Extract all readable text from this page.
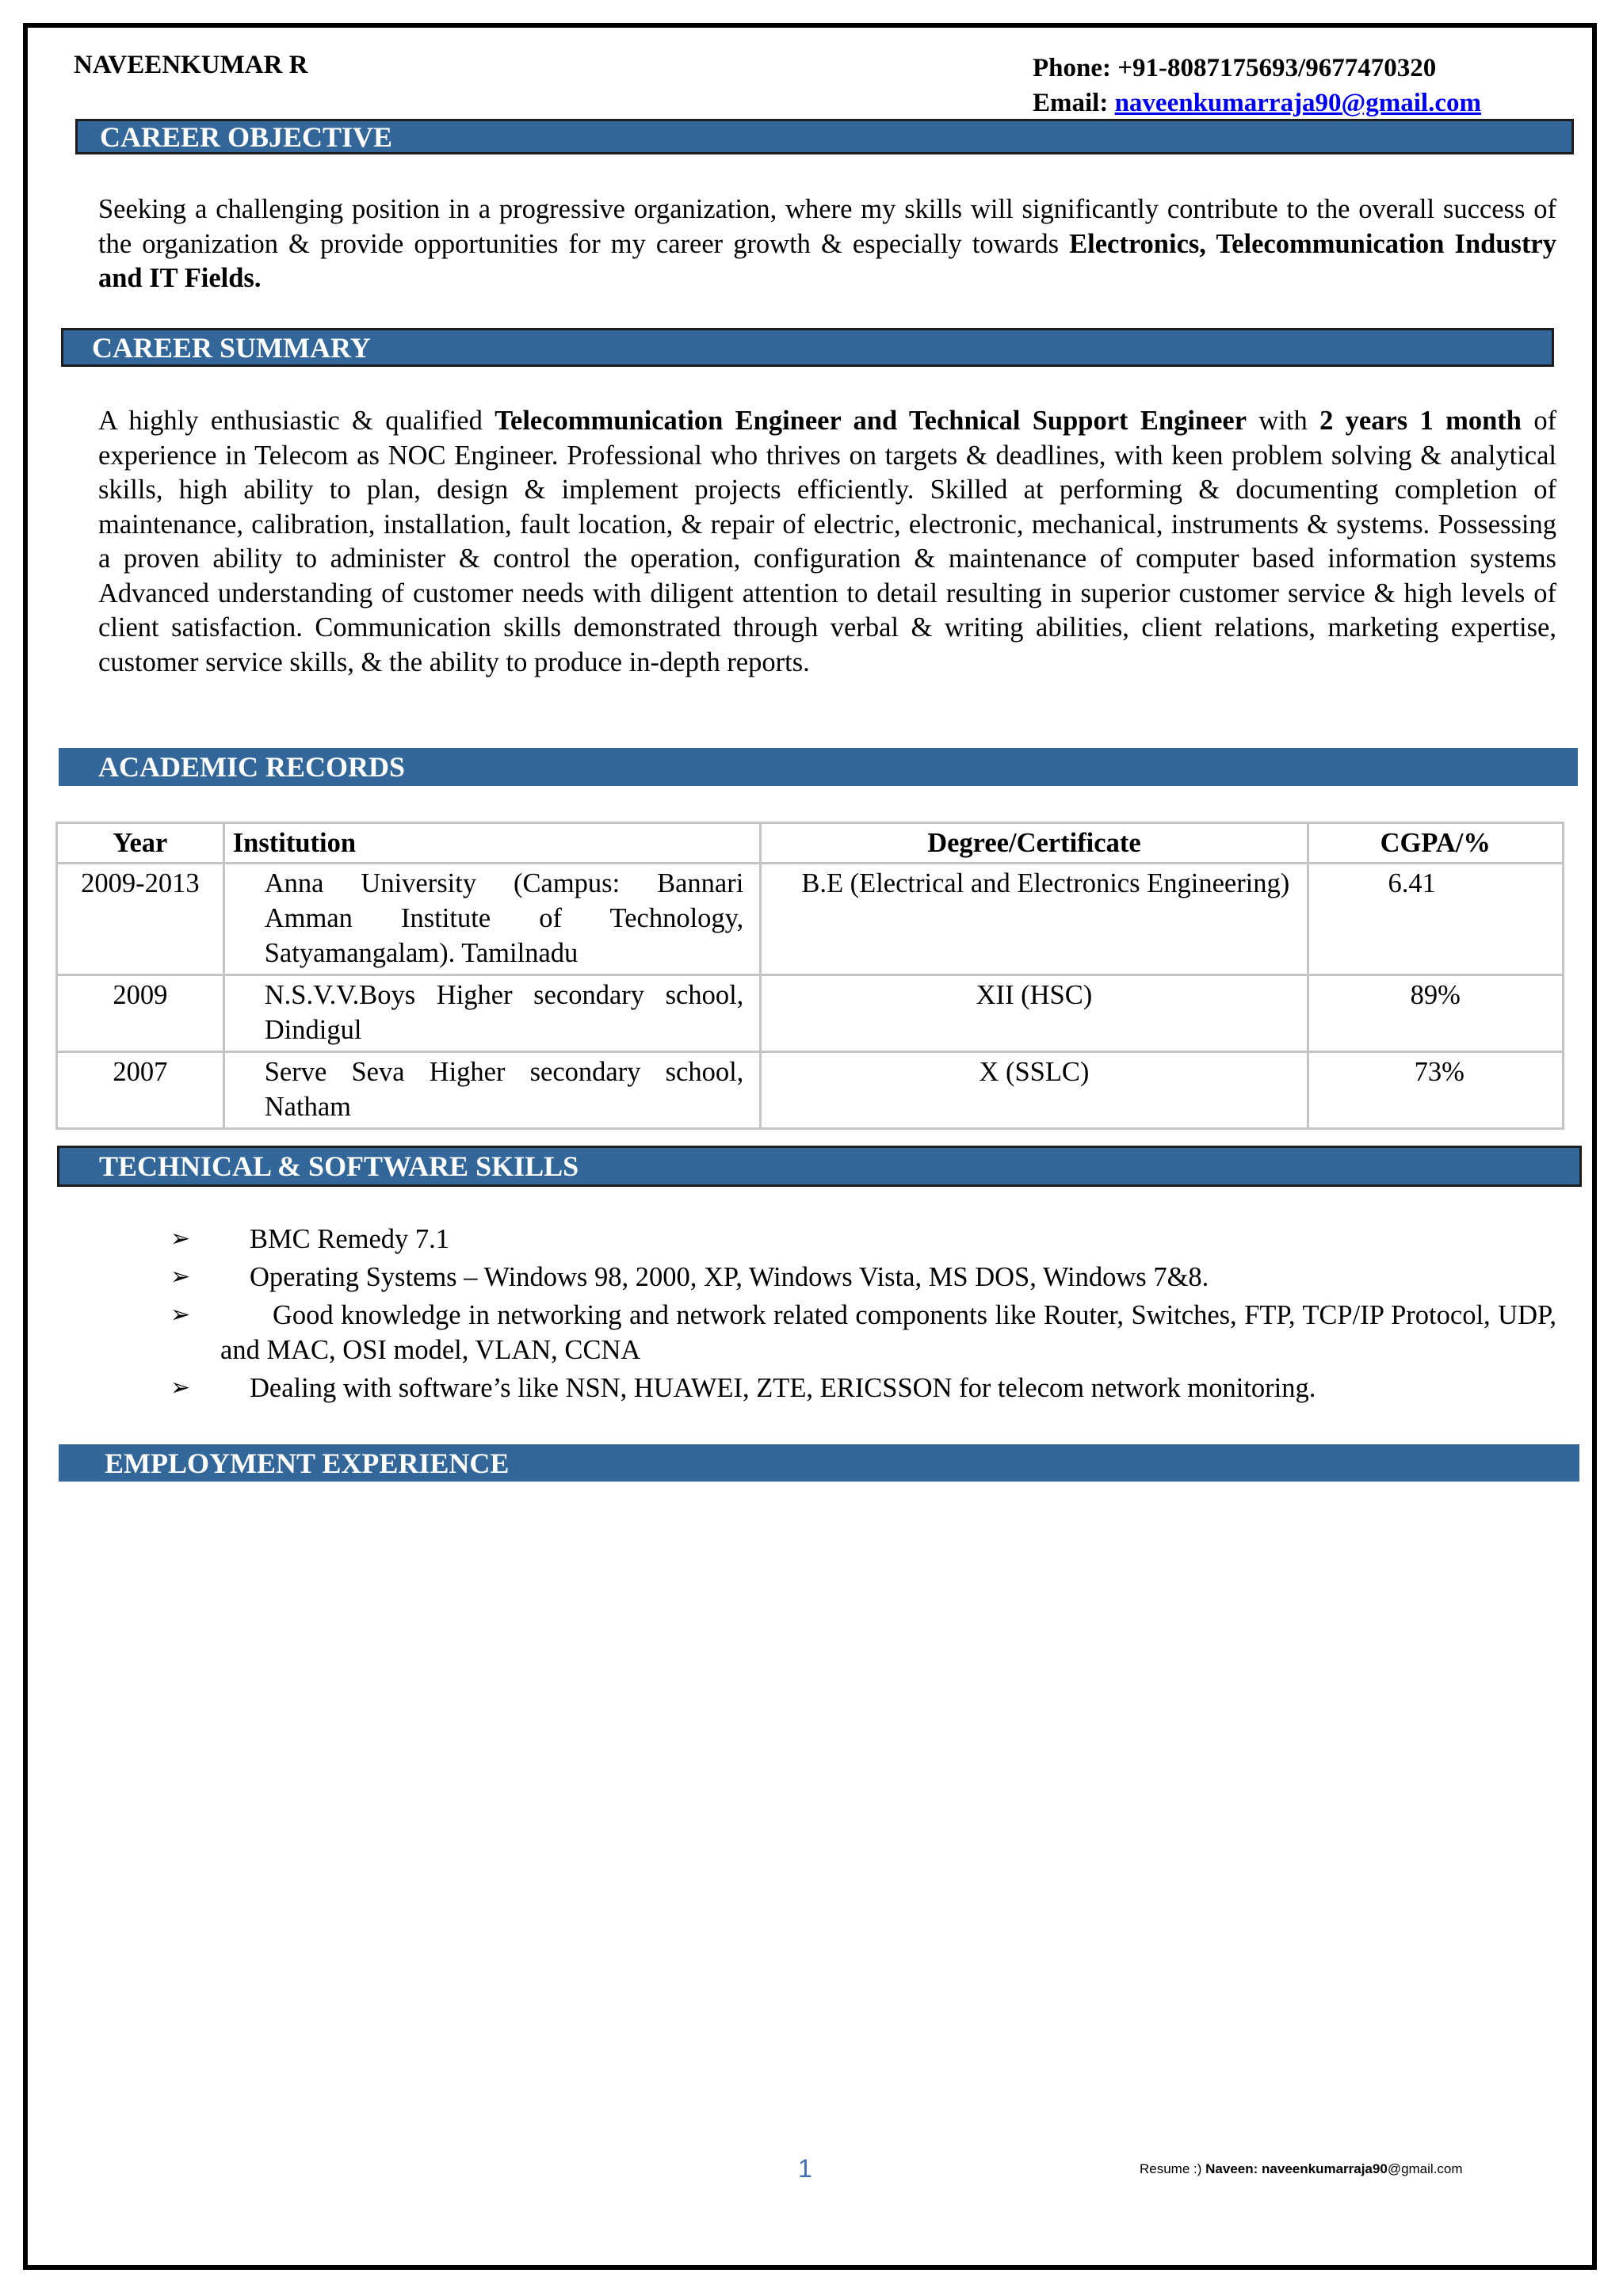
NAVEENKUMAR R	Phone: +91-8087175693/9677470320
Email: naveenkumarraja90@gmail.com
CAREER OBJECTIVE
Seeking a challenging position in a progressive organization, where my skills will significantly contribute to the overall success of the organization & provide opportunities for my career growth & especially towards Electronics, Telecommunication Industry and IT Fields.
CAREER SUMMARY
A highly enthusiastic & qualified Telecommunication Engineer and Technical Support Engineer with 2 years 1 month of experience in Telecom as NOC Engineer. Professional who thrives on targets & deadlines, with keen problem solving & analytical skills, high ability to plan, design & implement projects efficiently. Skilled at performing & documenting completion of maintenance, calibration, installation, fault location, & repair of electric, electronic, mechanical, instruments & systems. Possessing a proven ability to administer & control the operation, configuration & maintenance of computer based information systems Advanced understanding of customer needs with diligent attention to detail resulting in superior customer service & high levels of client satisfaction. Communication skills demonstrated through verbal & writing abilities, client relations, marketing expertise, customer service skills, & the ability to produce in-depth reports.
ACADEMIC RECORDS
Year	Institution	Degree/Certificate	CGPA/%
2009-2013	Anna University (Campus: Bannari Amman Institute of Technology, Satyamangalam). Tamilnadu	B.E (Electrical and Electronics Engineering)	6.41
2009	N.S.V.V.Boys Higher secondary school, Dindigul	XII (HSC)	89%
2007	Serve Seva Higher secondary school, Natham	X (SSLC)	73%
TECHNICAL & SOFTWARE SKILLS
➢ BMC Remedy 7.1
➢ Operating Systems – Windows 98, 2000, XP, Windows Vista, MS DOS, Windows 7&8.
➢	Good knowledge in networking and network related components like Router, Switches, FTP, TCP/IP Protocol, UDP, and MAC, OSI model, VLAN, CCNA
➢ Dealing with software’s like NSN, HUAWEI, ZTE, ERICSSON for telecom network monitoring.
EMPLOYMENT EXPERIENCE
1	Resume :) Naveen: naveenkumarraja90@gmail.com
